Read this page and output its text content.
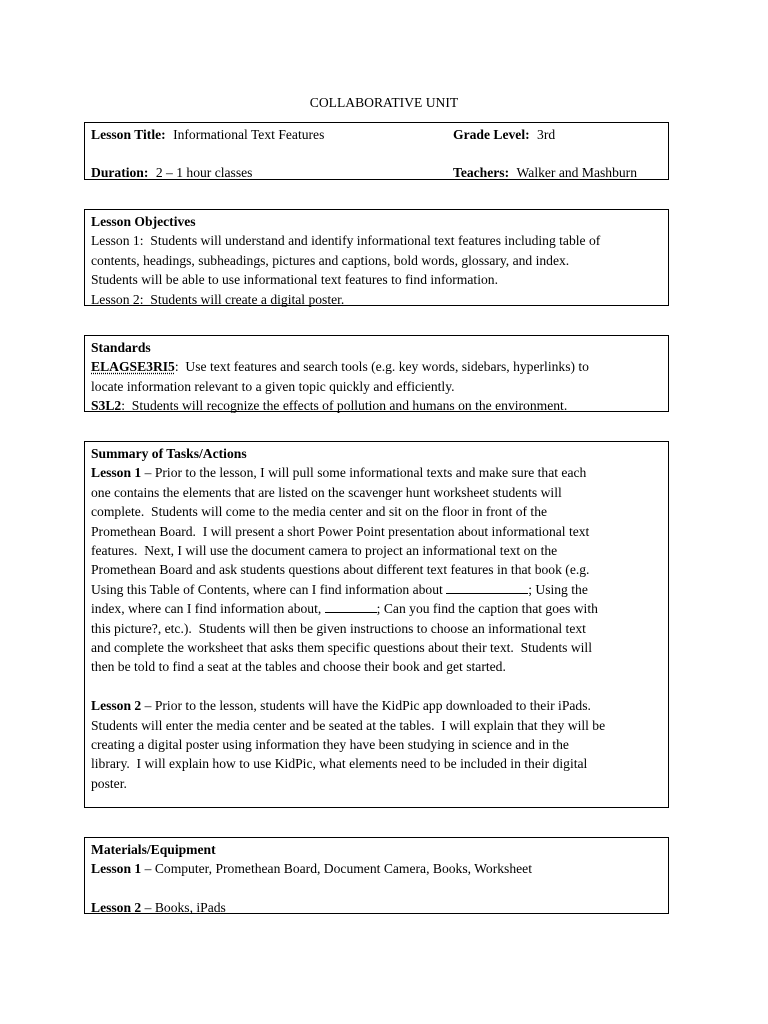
COLLABORATIVE UNIT
Lesson Title: Informational Text Features	Grade Level: 3rd
Duration: 2 – 1 hour classes	Teachers: Walker and Mashburn

Lesson Objectives

Lesson 1:  Students will understand and identify informational text features including table of

contents, headings, subheadings, pictures and captions, bold words, glossary, and index.

Students will be able to use informational text features to find information.

Lesson 2:  Students will create a digital poster.

Standards

ELAGSE3RI5:  Use text features and search tools (e.g. key words, sidebars, hyperlinks) to

locate information relevant to a given topic quickly and efficiently.

S3L2:  Students will recognize the effects of pollution and humans on the environment.

Summary of Tasks/Actions

Lesson 1 – Prior to the lesson, I will pull some informational texts and make sure that each

one contains the elements that are listed on the scavenger hunt worksheet students will

complete.  Students will come to the media center and sit on the floor in front of the

Promethean Board.  I will present a short Power Point presentation about informational text

features.  Next, I will use the document camera to project an informational text on the

Promethean Board and ask students questions about different text features in that book (e.g.

Using this Table of Contents, where can I find information about	; Using the

index, where can I find information about,	; Can you find the caption that goes with

this picture?, etc.).  Students will then be given instructions to choose an informational text

and complete the worksheet that asks them specific questions about their text.  Students will

then be told to find a seat at the tables and choose their book and get started.

Lesson 2 – Prior to the lesson, students will have the KidPic app downloaded to their iPads.

Students will enter the media center and be seated at the tables.  I will explain that they will be

creating a digital poster using information they have been studying in science and in the

library.  I will explain how to use KidPic, what elements need to be included in their digital

poster.

Materials/Equipment

Lesson 1 – Computer, Promethean Board, Document Camera, Books, Worksheet

Lesson 2 – Books, iPads
